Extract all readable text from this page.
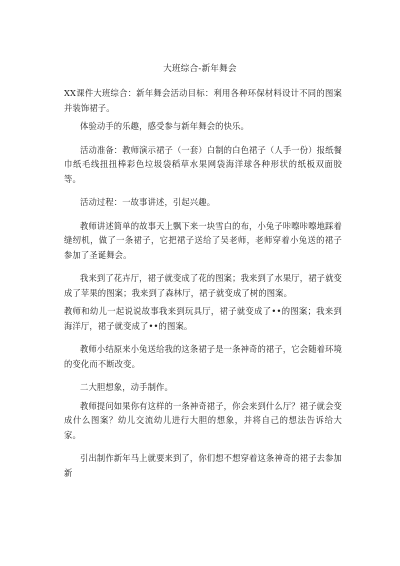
大班综合-新年舞会

XX课件大班综合：新年舞会活动目标：利用各种环保材料设计不同的图案并装饰裙子。

体验动手的乐趣，感受参与新年舞会的快乐。

活动准备：教师演示裙子（一套）白制的白色裙子（人手一份）报纸餐巾纸毛线扭扭棒彩色垃圾袋稻草水果网袋海洋球各种形状的纸板双面胶等。

活动过程：一故事讲述，引起兴趣。

教师讲述简单的故事天上飘下来一块雪白的布，小兔子咔嚓咔嚓地踩着缝纫机，做了一条裙子，它把裙子送给了吴老师，老师穿着小兔送的裙子参加了圣诞舞会。

我来到了花卉厅，裙子就变成了花的图案；我来到了水果厅，裙子就变成了苹果的图案；我来到了森林厅，裙子就变成了树的图案。

教师和幼儿一起说说故事我来到玩具厅，裙子就变成了••的图案；我来到海洋厅，裙子就变成了••的图案。

教师小结原来小兔送给我的这条裙子是一条神奇的裙子，它会随着环境的变化而不断改变。

二大胆想象，动手制作。

教师提问如果你有这样的一条神奇裙子，你会来到什么厅？裙子就会变成什么图案？幼儿交流幼儿进行大胆的想象，并将自己的想法告诉给大家。

引出制作新年马上就要来到了，你们想不想穿着这条神奇的裙子去参加新
